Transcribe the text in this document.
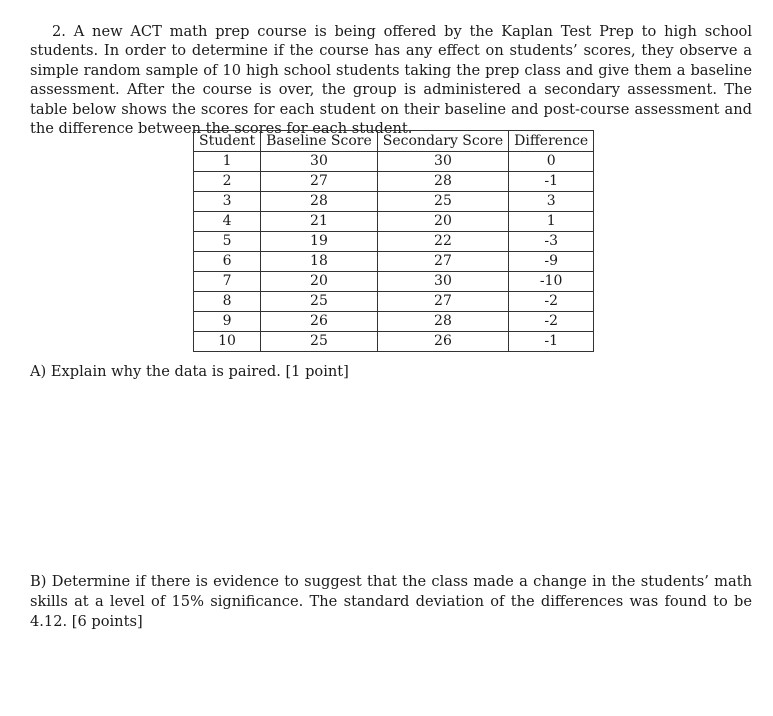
2. A new ACT math prep course is being offered by the Kaplan Test Prep to high school students. In order to determine if the course has any effect on students’ scores, they observe a simple random sample of 10 high school students taking the prep class and give them a baseline assessment. After the course is over, the group is administered a secondary assessment. The table below shows the scores for each student on their baseline and post-course assessment and the difference between the scores for each student.

Student	Baseline Score	Secondary Score	Difference
1	30	30	0
2	27	28	-1
3	28	25	3
4	21	20	1
5	19	22	-3
6	18	27	-9
7	20	30	-10
8	25	27	-2
9	26	28	-2
10	25	26	-1

A) Explain why the data is paired. [1 point]

B) Determine if there is evidence to suggest that the class made a change in the students’ math skills at a level of 15% significance. The standard deviation of the differences was found to be 4.12. [6 points]
